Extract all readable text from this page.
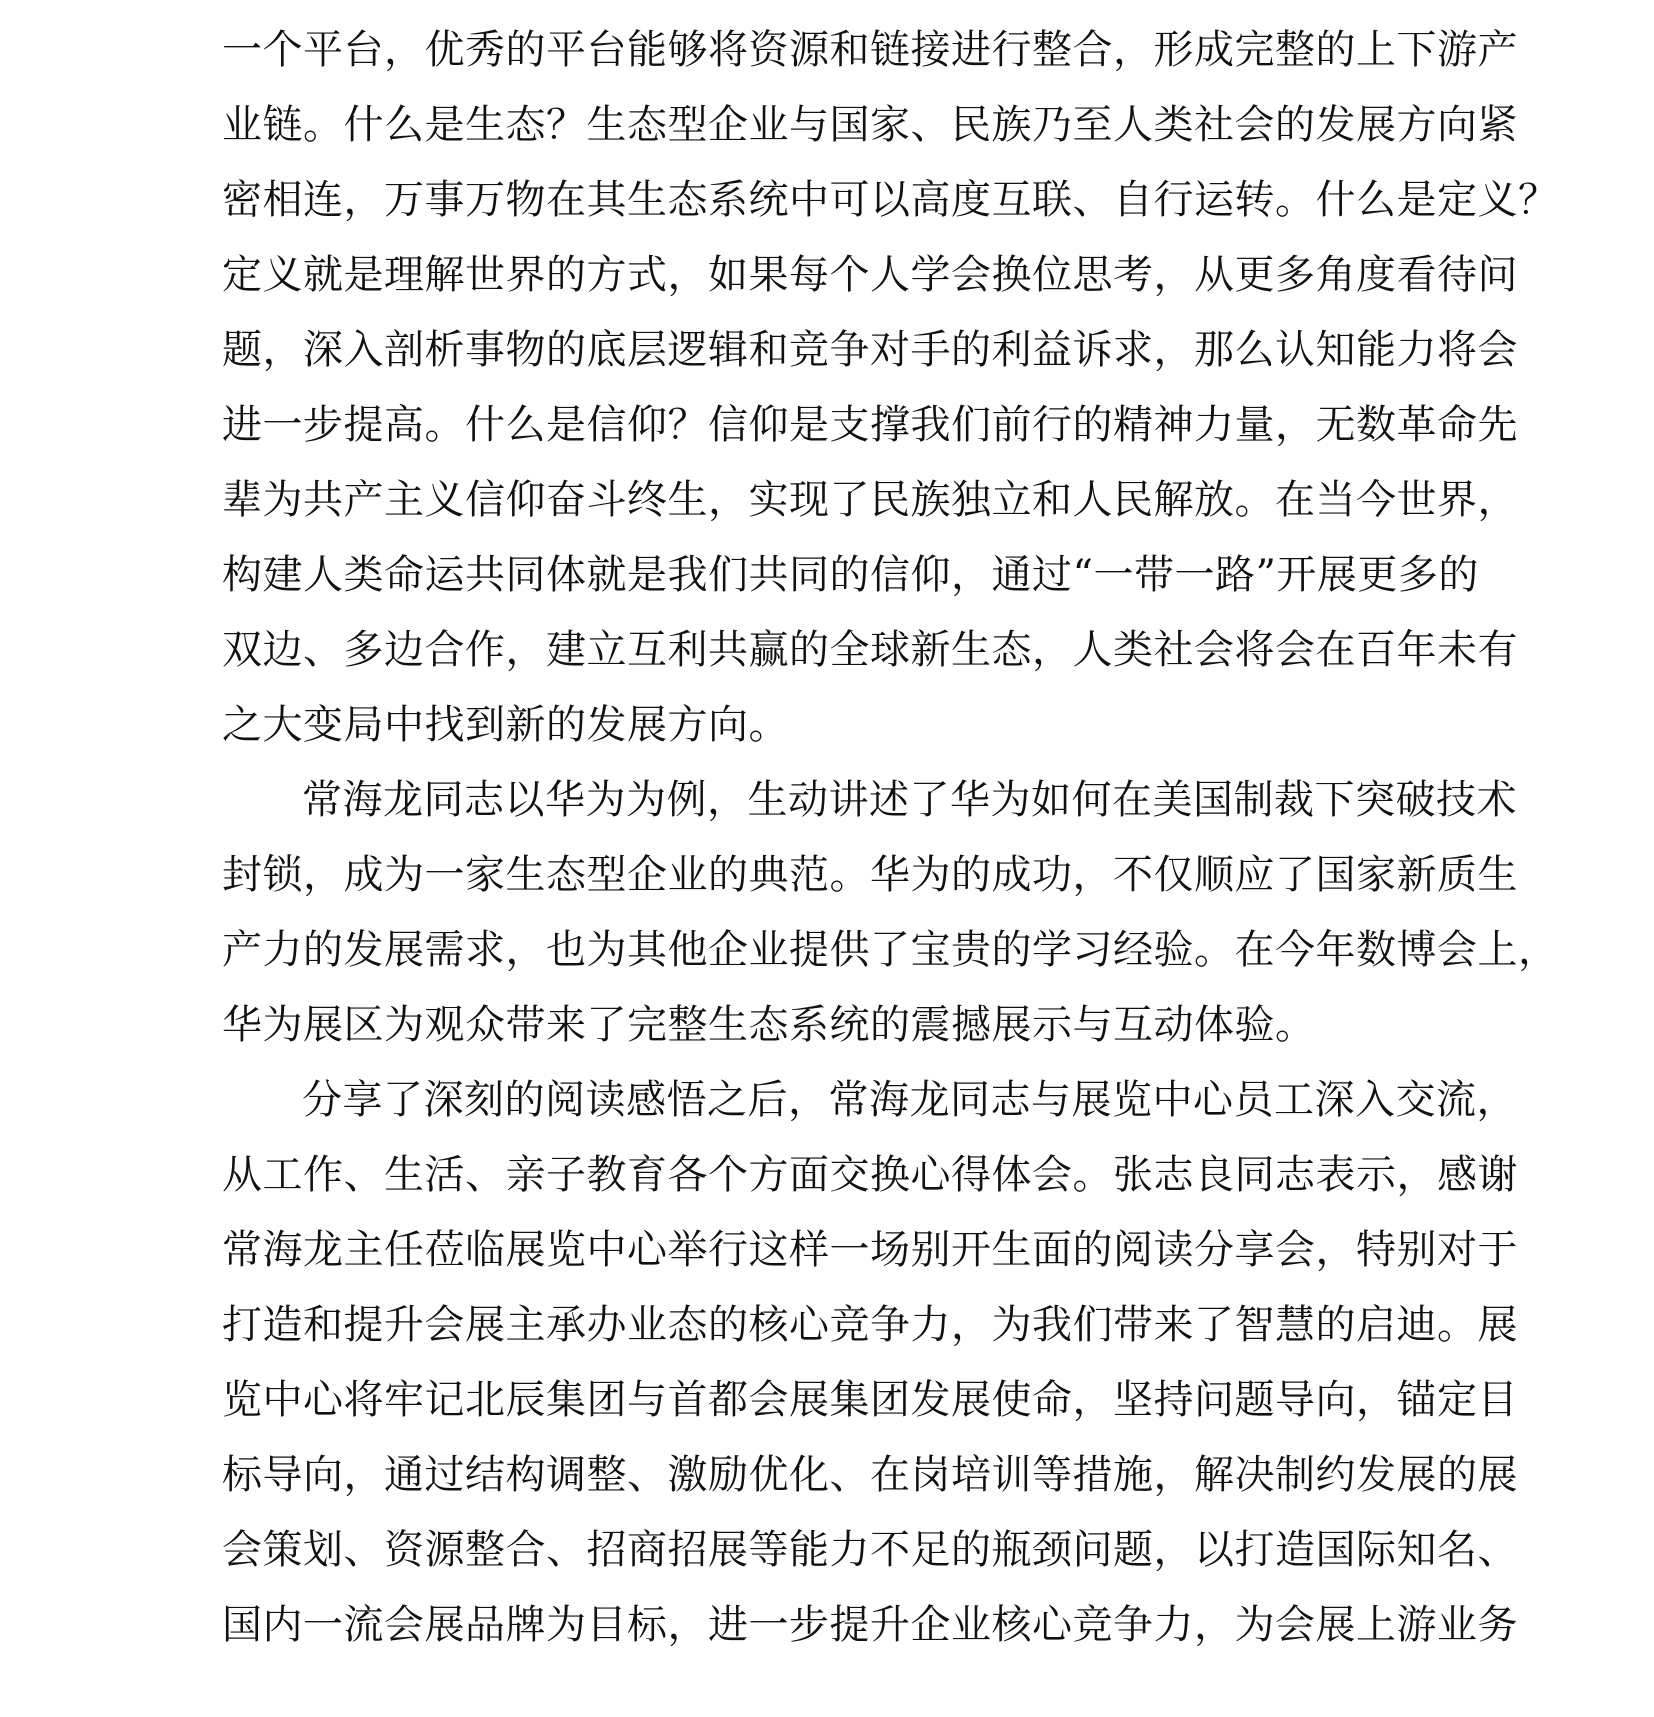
一个平台，优秀的平台能够将资源和链接进行整合，形成完整的上下游产
业链。什么是生态？生态型企业与国家、民族乃至人类社会的发展方向紧
密相连，万事万物在其生态系统中可以高度互联、自行运转。什么是定义？
定义就是理解世界的方式，如果每个人学会换位思考，从更多角度看待问
题，深入剖析事物的底层逻辑和竞争对手的利益诉求，那么认知能力将会
进一步提高。什么是信仰？信仰是支撑我们前行的精神力量，无数革命先
辈为共产主义信仰奋斗终生，实现了民族独立和人民解放。在当今世界，
构建人类命运共同体就是我们共同的信仰，通过“一带一路”开展更多的
双边、多边合作，建立互利共赢的全球新生态，人类社会将会在百年未有
之大变局中找到新的发展方向。
常海龙同志以华为为例，生动讲述了华为如何在美国制裁下突破技术
封锁，成为一家生态型企业的典范。华为的成功，不仅顺应了国家新质生
产力的发展需求，也为其他企业提供了宝贵的学习经验。在今年数博会上，
华为展区为观众带来了完整生态系统的震撼展示与互动体验。
分享了深刻的阅读感悟之后，常海龙同志与展览中心员工深入交流，
从工作、生活、亲子教育各个方面交换心得体会。张志良同志表示，感谢
常海龙主任莅临展览中心举行这样一场别开生面的阅读分享会，特别对于
打造和提升会展主承办业态的核心竞争力，为我们带来了智慧的启迪。展
览中心将牢记北辰集团与首都会展集团发展使命，坚持问题导向，锚定目
标导向，通过结构调整、激励优化、在岗培训等措施，解决制约发展的展
会策划、资源整合、招商招展等能力不足的瓶颈问题，以打造国际知名、
国内一流会展品牌为目标，进一步提升企业核心竞争力，为会展上游业务
